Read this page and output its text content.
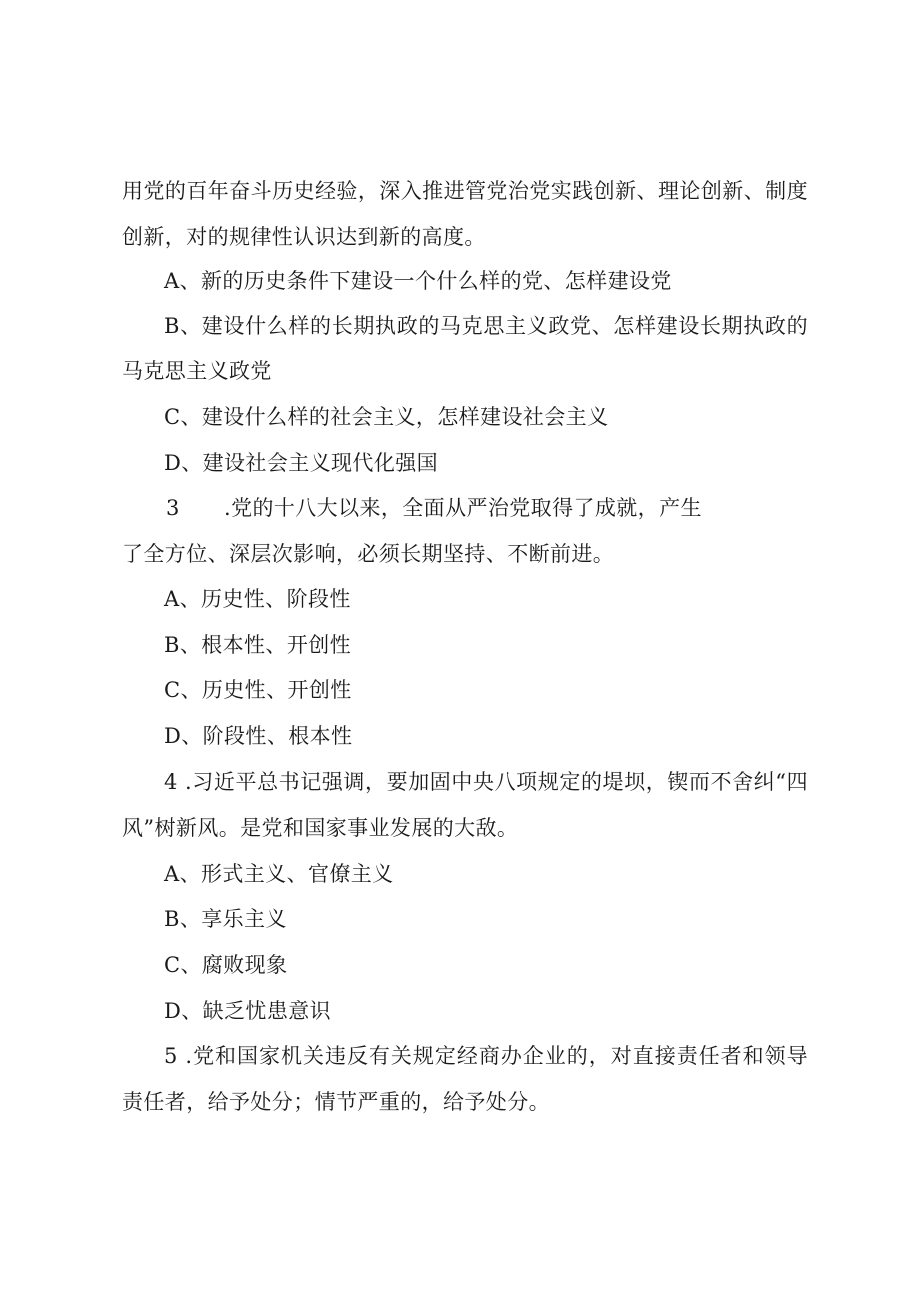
用党的百年奋斗历史经验，深入推进管党治党实践创新、理论创新、制度
创新，对的规律性认识达到新的高度。
A、新的历史条件下建设一个什么样的党、怎样建设党
B、建设什么样的长期执政的马克思主义政党、怎样建设长期执政的
马克思主义政党
C、建设什么样的社会主义，怎样建设社会主义
D、建设社会主义现代化强国
3 .党的十八大以来，全面从严治党取得了成就，产生
了全方位、深层次影响，必须长期坚持、不断前进。
A、历史性、阶段性
B、根本性、开创性
C、历史性、开创性
D、阶段性、根本性
4 .习近平总书记强调，要加固中央八项规定的堤坝，锲而不舍纠“四
风”树新风。是党和国家事业发展的大敌。
A、形式主义、官僚主义
B、享乐主义
C、腐败现象
D、缺乏忧患意识
5 .党和国家机关违反有关规定经商办企业的，对直接责任者和领导
责任者，给予处分；情节严重的，给予处分。
